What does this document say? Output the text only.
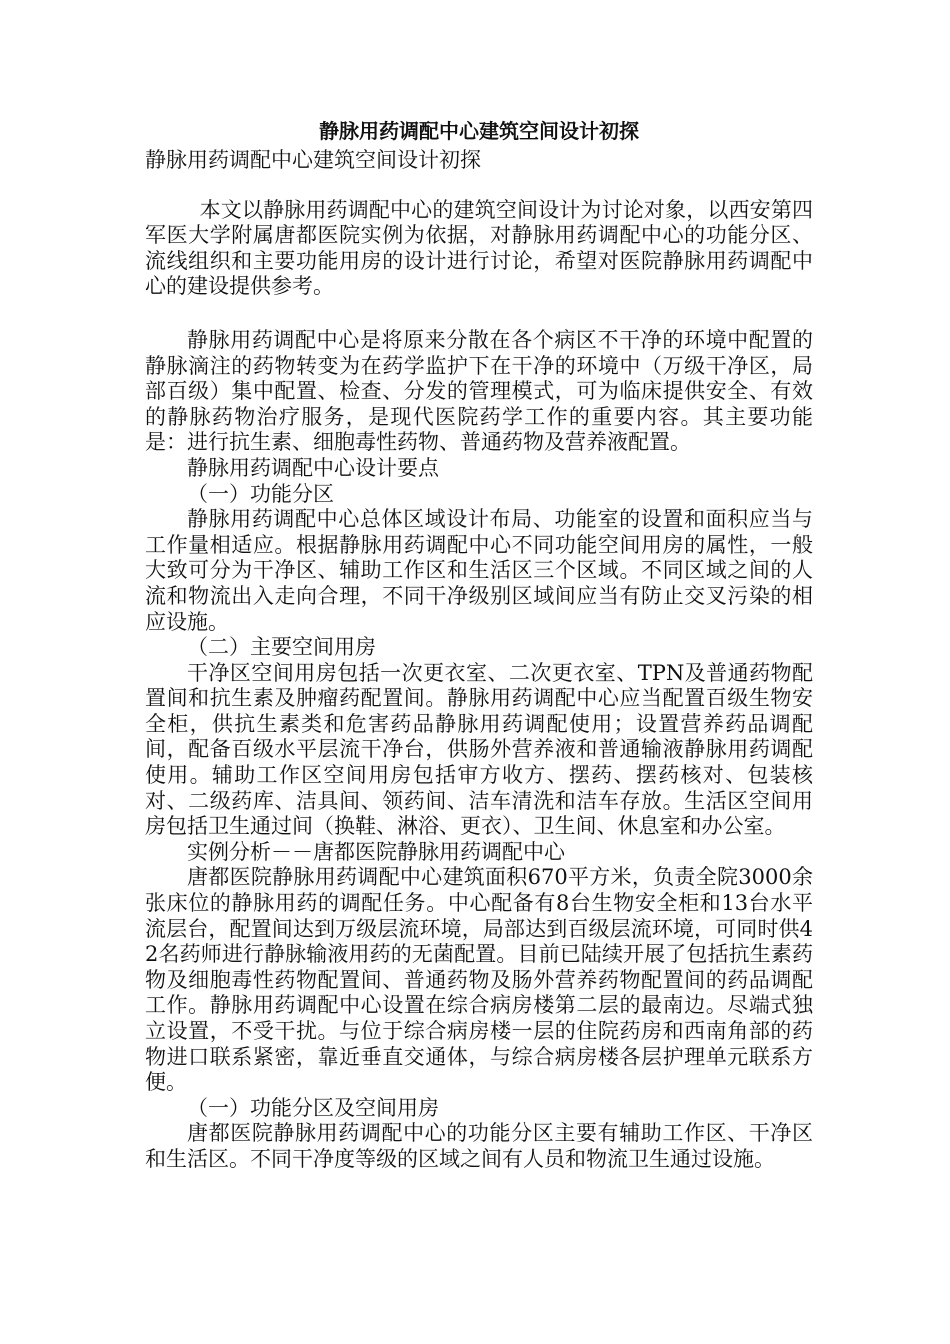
静脉用药调配中心建筑空间设计初探
静脉用药调配中心建筑空间设计初探

本文以静脉用药调配中心的建筑空间设计为讨论对象，以西安第四军医大学附属唐都医院实例为依据，对静脉用药调配中心的功能分区、流线组织和主要功能用房的设计进行讨论，希望对医院静脉用药调配中心的建设提供参考。

静脉用药调配中心是将原来分散在各个病区不干净的环境中配置的静脉滴注的药物转变为在药学监护下在干净的环境中（万级干净区，局部百级）集中配置、检查、分发的管理模式，可为临床提供安全、有效的静脉药物治疗服务，是现代医院药学工作的重要内容。其主要功能是：进行抗生素、细胞毒性药物、普通药物及营养液配置。

静脉用药调配中心设计要点

（一）功能分区

静脉用药调配中心总体区域设计布局、功能室的设置和面积应当与工作量相适应。根据静脉用药调配中心不同功能空间用房的属性，一般大致可分为干净区、辅助工作区和生活区三个区域。不同区域之间的人流和物流出入走向合理，不同干净级别区域间应当有防止交叉污染的相应设施。

（二）主要空间用房

干净区空间用房包括一次更衣室、二次更衣室、TPN及普通药物配置间和抗生素及肿瘤药配置间。静脉用药调配中心应当配置百级生物安全柜，供抗生素类和危害药品静脉用药调配使用；设置营养药品调配间，配备百级水平层流干净台，供肠外营养液和普通输液静脉用药调配使用。辅助工作区空间用房包括审方收方、摆药、摆药核对、包装核对、二级药库、洁具间、领药间、洁车清洗和洁车存放。生活区空间用房包括卫生通过间（换鞋、淋浴、更衣）、卫生间、休息室和办公室。

实例分析－－唐都医院静脉用药调配中心

唐都医院静脉用药调配中心建筑面积670平方米，负责全院3000余张床位的静脉用药的调配任务。中心配备有8台生物安全柜和13台水平流层台，配置间达到万级层流环境，局部达到百级层流环境，可同时供42名药师进行静脉输液用药的无菌配置。目前已陆续开展了包括抗生素药物及细胞毒性药物配置间、普通药物及肠外营养药物配置间的药品调配工作。静脉用药调配中心设置在综合病房楼第二层的最南边。尽端式独立设置，不受干扰。与位于综合病房楼一层的住院药房和西南角部的药物进口联系紧密，靠近垂直交通体，与综合病房楼各层护理单元联系方便。

（一）功能分区及空间用房

唐都医院静脉用药调配中心的功能分区主要有辅助工作区、干净区和生活区。不同干净度等级的区域之间有人员和物流卫生通过设施。
